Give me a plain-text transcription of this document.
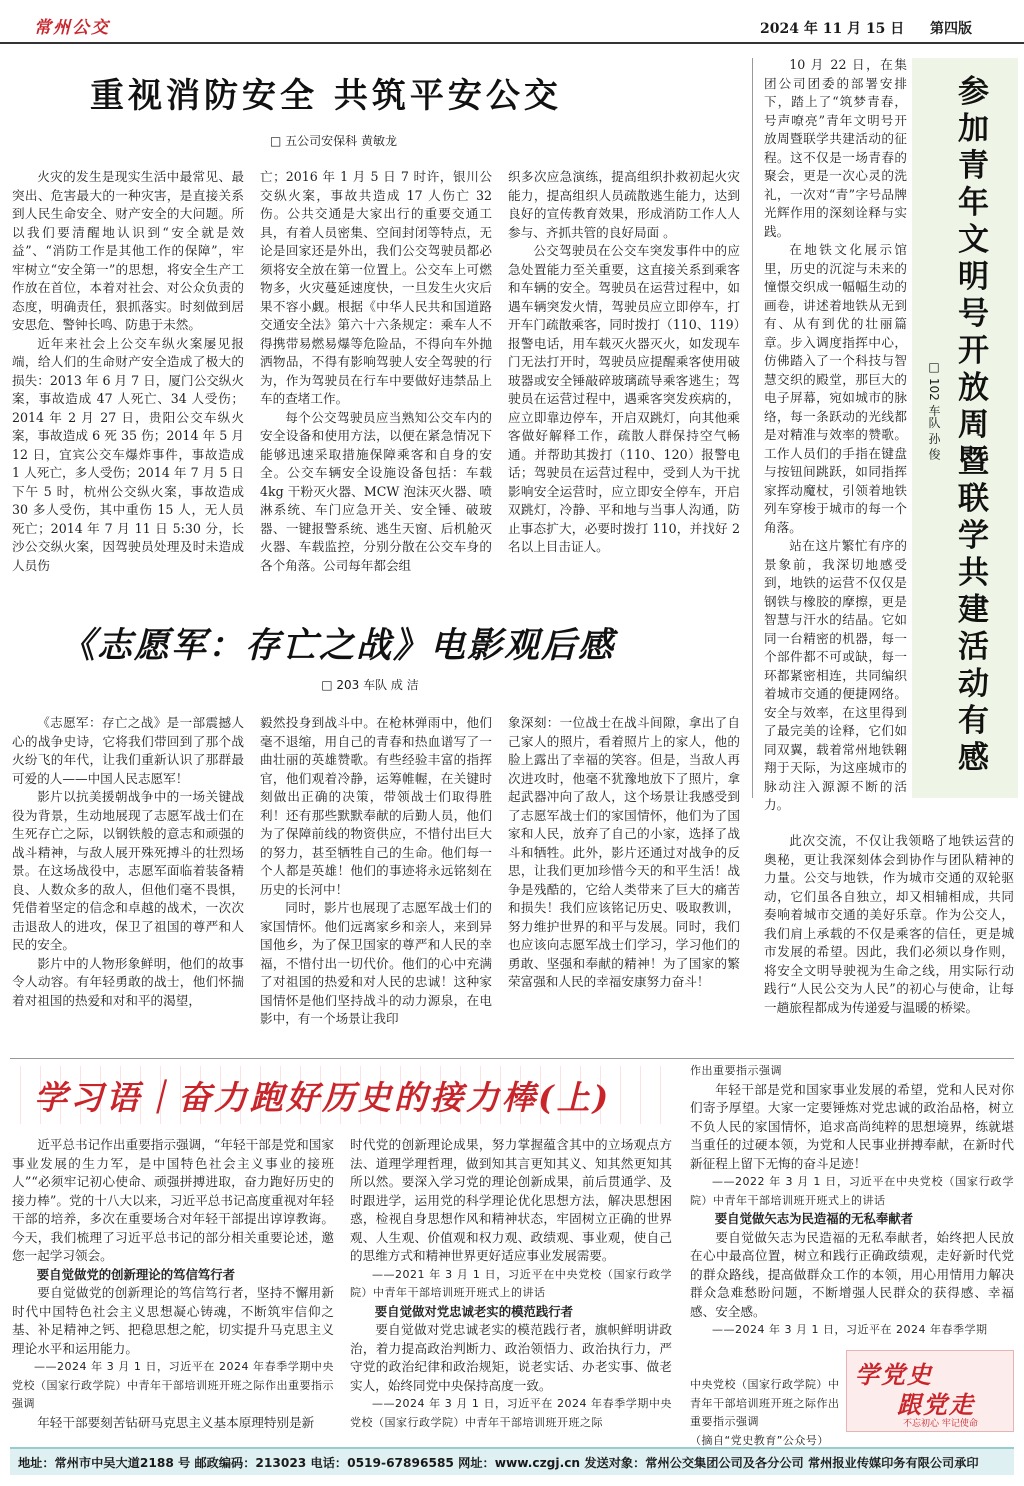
常州公交	2024 年 11 月 15 日 第四版
重视消防安全 共筑平安公交
□ 五公司安保科 黄敏龙

火灾的发生是现实生活中最常见、最突出、危害最大的一种灾害，是直接关系到人民生命安全、财产安全的大问题。所以我们要清醒地认识到“安全就是效益”、“消防工作是其他工作的保障”，牢牢树立“安全第一”的思想，将安全生产工作放在首位，本着对社会、对公众负责的态度，明确责任，狠抓落实。时刻做到居安思危、警钟长鸣、防患于未然。

近年来社会上公交车纵火案屡见报端，给人们的生命财产安全造成了极大的损失：2013 年 6 月 7 日，厦门公交纵火案，事故造成 47 人死亡、34 人受伤；2014 年 2 月 27 日，贵阳公交车纵火案，事故造成 6 死 35 伤；2014 年 5 月 12 日，宜宾公交车爆炸事件，事故造成 1 人死亡，多人受伤；2014 年 7 月 5 日下午 5 时，杭州公交纵火案，事故造成 30 多人受伤，其中重伤 15 人，无人员死亡；2014 年 7 月 11 日 5:30 分，长沙公交纵火案，因驾驶员处理及时未造成人员伤

亡；2016 年 1 月 5 日 7 时许，银川公交纵火案，事故共造成 17 人伤亡 32 伤。公共交通是大家出行的重要交通工具，有着人员密集、空间封闭等特点，无论是回家还是外出，我们公交驾驶员都必须将安全放在第一位置上。公交车上可燃物多，火灾蔓延速度快，一旦发生火灾后果不容小觑。根据《中华人民共和国道路交通安全法》第六十六条规定：乘车人不得携带易燃易爆等危险品，不得向车外抛洒物品，不得有影响驾驶人安全驾驶的行为，作为驾驶员在行车中要做好违禁品上车的查堵工作。

每个公交驾驶员应当熟知公交车内的安全设备和使用方法，以便在紧急情况下能够迅速采取措施保障乘客和自身的安全。公交车辆安全设施设备包括：车载 4kg 干粉灭火器、MCW 泡沫灭火器、喷淋系统、车门应急开关、安全锤、破玻器、一键报警系统、逃生天窗、后机舱灭火器、车载监控，分别分散在公交车身的各个角落。公司每年都会组

织多次应急演练，提高组织扑救初起火灾能力，提高组织人员疏散逃生能力，达到良好的宣传教育效果，形成消防工作人人参与、齐抓共管的良好局面 。

公交驾驶员在公交车突发事件中的应急处置能力至关重要，这直接关系到乘客和车辆的安全。驾驶员在运营过程中，如遇车辆突发火情，驾驶员应立即停车，打开车门疏散乘客，同时拨打（110、119）报警电话，用车载灭火器灭火，如发现车门无法打开时，驾驶员应提醒乘客使用破玻器或安全锤敲碎玻璃疏导乘客逃生；驾驶员在运营过程中，遇乘客突发疾病的，应立即靠边停车，开启双跳灯，向其他乘客做好解释工作，疏散人群保持空气畅通。并帮助其拨打（110、120）报警电话；驾驶员在运营过程中，受到人为干扰影响安全运营时，应立即安全停车，开启双跳灯，冷静、平和地与当事人沟通，防止事态扩大，必要时拨打 110，并找好 2 名以上目击证人。

参加青年文明号开放周暨联学共建活动有感
□ 102 车队 孙 俊

10 月 22 日，在集团公司团委的部署安排下，踏上了“筑梦青春，号声嘹亮”青年文明号开放周暨联学共建活动的征程。这不仅是一场青春的聚会，更是一次心灵的洗礼，一次对“青”字号品牌光辉作用的深刻诠释与实践。

在地铁文化展示馆里，历史的沉淀与未来的憧憬交织成一幅幅生动的画卷，讲述着地铁从无到有、从有到优的壮丽篇章。步入调度指挥中心，仿佛踏入了一个科技与智慧交织的殿堂，那巨大的电子屏幕，宛如城市的脉络，每一条跃动的光线都是对精准与效率的赞歌。工作人员们的手指在键盘与按钮间跳跃，如同指挥家挥动魔杖，引领着地铁列车穿梭于城市的每一个角落。

站在这片繁忙有序的景象前，我深切地感受到，地铁的运营不仅仅是钢铁与橡胶的摩擦，更是智慧与汗水的结晶。它如同一台精密的机器，每一个部件都不可或缺，每一环都紧密相连，共同编织着城市交通的便捷网络。安全与效率，在这里得到了最完美的诠释，它们如同双翼，载着常州地铁翱翔于天际，为这座城市的脉动注入源源不断的活力。

此次交流，不仅让我领略了地铁运营的奥秘，更让我深刻体会到协作与团队精神的力量。公交与地铁，作为城市交通的双轮驱动，它们虽各自独立，却又相辅相成，共同奏响着城市交通的美好乐章。作为公交人，我们肩上承载的不仅是乘客的信任，更是城市发展的希望。因此，我们必须以身作则，将安全文明导驶视为生命之线，用实际行动践行“人民公交为人民”的初心与使命，让每一趟旅程都成为传递爱与温暖的桥梁。

《志愿军：存亡之战》电影观后感
□ 203 车队 成 洁

《志愿军：存亡之战》是一部震撼人心的战争史诗，它将我们带回到了那个战火纷飞的年代，让我们重新认识了那群最可爱的人——中国人民志愿军！

影片以抗美援朝战争中的一场关键战役为背景，生动地展现了志愿军战士们在生死存亡之际，以钢铁般的意志和顽强的战斗精神，与敌人展开殊死搏斗的壮烈场景。在这场战役中，志愿军面临着装备精良、人数众多的敌人，但他们毫不畏惧，凭借着坚定的信念和卓越的战术，一次次击退敌人的进攻，保卫了祖国的尊严和人民的安全。

影片中的人物形象鲜明，他们的故事令人动容。有年轻勇敢的战士，他们怀揣着对祖国的热爱和对和平的渴望，

毅然投身到战斗中。在枪林弹雨中，他们毫不退缩，用自己的青春和热血谱写了一曲壮丽的英雄赞歌。有些经验丰富的指挥官，他们观着冷静，运筹帷幄，在关键时刻做出正确的决策，带领战士们取得胜利！还有那些默默奉献的后勤人员，他们为了保障前线的物资供应，不惜付出巨大的努力，甚至牺牲自己的生命。他们每一个人都是英雄！他们的事迹将永远铭刻在历史的长河中！

同时，影片也展现了志愿军战士们的家国情怀。他们远离家乡和亲人，来到异国他乡，为了保卫国家的尊严和人民的幸福，不惜付出一切代价。他们的心中充满了对祖国的热爱和对人民的忠诚！这种家国情怀是他们坚持战斗的动力源泉，在电影中，有一个场景让我印

象深刻：一位战士在战斗间隙，拿出了自己家人的照片，看着照片上的家人，他的脸上露出了幸福的笑容。但是，当敌人再次进攻时，他毫不犹豫地放下了照片，拿起武器冲向了敌人，这个场景让我感受到了志愿军战士们的家国情怀，他们为了国家和人民，放弃了自己的小家，选择了战斗和牺牲。此外，影片还通过对战争的反思，让我们更加珍惜今天的和平生活！战争是残酷的，它给人类带来了巨大的痛苦和损失！我们应该铭记历史、吸取教训，努力维护世界的和平与发展。同时，我们也应该向志愿军战士们学习，学习他们的勇敢、坚强和奉献的精神！为了国家的繁荣富强和人民的幸福安康努力奋斗！

学习语｜奋力跑好历史的接力棒(上)

近平总书记作出重要指示强调，“年轻干部是党和国家事业发展的生力军，是中国特色社会主义事业的接班人”“必须牢记初心使命、顽强拼搏进取，奋力跑好历史的接力棒”。党的十八大以来，习近平总书记高度重视对年轻干部的培养，多次在重要场合对年轻干部提出谆谆教诲。今天，我们梳理了习近平总书记的部分相关重要论述，邀您一起学习领会。

要自觉做党的创新理论的笃信笃行者

要自觉做党的创新理论的笃信笃行者，坚持不懈用新时代中国特色社会主义思想凝心铸魂，不断筑牢信仰之基、补足精神之钙、把稳思想之舵，切实提升马克思主义理论水平和运用能力。

——2024 年 3 月 1 日，习近平在 2024 年春季学期中央党校（国家行政学院）中青年干部培训班开班之际作出重要指示强调

年轻干部要刻苦钻研马克思主义基本原理特别是新

时代党的创新理论成果，努力掌握蕴含其中的立场观点方法、道理学理哲理，做到知其言更知其义、知其然更知其所以然。要深入学习党的理论创新成果，前后贯通学、及时跟进学，运用党的科学理论优化思想方法，解决思想困惑，检视自身思想作风和精神状态，牢固树立正确的世界观、人生观、价值观和权力观、政绩观、事业观，使自己的思维方式和精神世界更好适应事业发展需要。

——2021 年 3 月 1 日，习近平在中央党校（国家行政学院）中青年干部培训班开班式上的讲话

要自觉做对党忠诚老实的模范践行者

要自觉做对党忠诚老实的模范践行者，旗帜鲜明讲政治，着力提高政治判断力、政治领悟力、政治执行力，严守党的政治纪律和政治规矩，说老实话、办老实事、做老实人，始终同党中央保持高度一致。

——2024 年 3 月 1 日，习近平在 2024 年春季学期中央党校（国家行政学院）中青年干部培训班开班之际

作出重要指示强调

年轻干部是党和国家事业发展的希望，党和人民对你们寄予厚望。大家一定要锤炼对党忠诚的政治品格，树立不负人民的家国情怀，追求高尚纯粹的思想境界，练就堪当重任的过硬本领，为党和人民事业拼搏奉献，在新时代新征程上留下无悔的奋斗足迹！

——2022 年 3 月 1 日，习近平在中央党校（国家行政学院）中青年干部培训班开班式上的讲话

要自觉做矢志为民造福的无私奉献者

要自觉做矢志为民造福的无私奉献者，始终把人民放在心中最高位置，树立和践行正确政绩观，走好新时代党的群众路线，提高做群众工作的本领，用心用情用力解决群众急难愁盼问题，不断增强人民群众的获得感、幸福感、安全感。

——2024 年 3 月 1 日，习近平在 2024 年春季学期

中央党校（国家行政学院）中青年干部培训班开班之际作出重要指示强调
（摘自“党史教育”公众号）
学党史
跟党走
不忘初心 牢记使命
地址：常州市中吴大道2188 号 邮政编码：213023 电话：0519-67896585 网址：www.czgj.cn 发送对象：常州公交集团公司及各分公司 常州报业传媒印务有限公司承印
